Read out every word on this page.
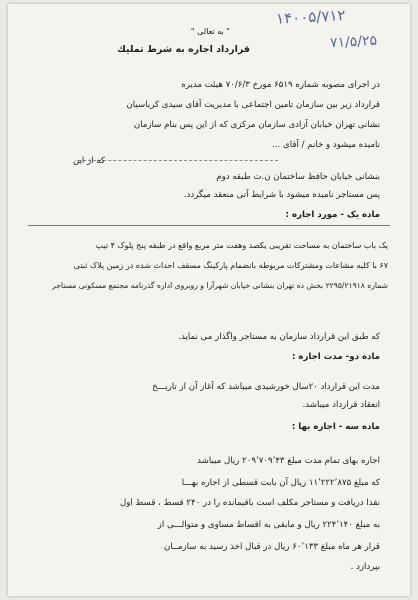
۱۴۰۰۵/۷۱۲
۷۱/۵/۲۵
" به تعالی "
قرارداد اجاره به شرط تمليك
در اجرای مصوبه شماره ۶۵۱۹ مورخ ۷۰/۶/۳ هيئت مديره
قرارداد زير بين سازمان تامين اجتماعی با مديريت آقای سيدی کرباسيان
نشانی تهران خيابان آزادی سازمان مرکزی که از اين پس بنام سازمان
ناميده ميشود و خانم / آقای ...
که از اين
بنشانی خيابان حافظ ساختمان ن.ت طبقه دوم
پس مستاجر ناميده ميشود با شرايط آتی منعقد ميگردد.
ماده يک - مورد اجاره :
يک باب ساختمان به مساحت تقريبی يکصد وهفت متر مربع واقع در طبقه پنج پلوک ۴ تيپ
۶۷ با کليه مشاعات ومشترکات مربوطه بانضمام پارکينگ مسقف احداث شده در زمين پلاک ثبتی
شماره ۲۲۹۵/۲۱۹۱۸ بخش ده تهران بنشانی خيابان شهرآرا و روبروی اداره گذرنامه مجتمع مسکونی مستاجر
که طبق اين قرارداد سازمان به مستاجر واگذار می نمايد.
ماده دو- مدت اجاره :
مدت اين قرارداد ۲۰سال خورشيدی ميباشد که آغاز آن از تاريـــخ
انعقاد قرارداد ميباشد.
ماده سه - اجاره بها :
اجاره بهای تمام مدت مبلغ ۲۰۹٬۷۰۹٬۴۳ ريال ميباشد
که مبلغ ۱۱٬۲۲۲٬۸۷۵ ريال آن بابت قسطی از اجاره بهـــا
نقدا دريافت و مستاجر مکلف است باقيمانده را در ۲۴۰ قسط ، قسط اول
به مبلغ ۲۲۴٬۱۴۰ ريال و مابقی به اقساط مساوی و متوالـــی از
قرار هر ماه مبلغ ۶۰٬۱۳۳ ريال در قبال اخذ رسيد به سازمــان
بپردازد .
